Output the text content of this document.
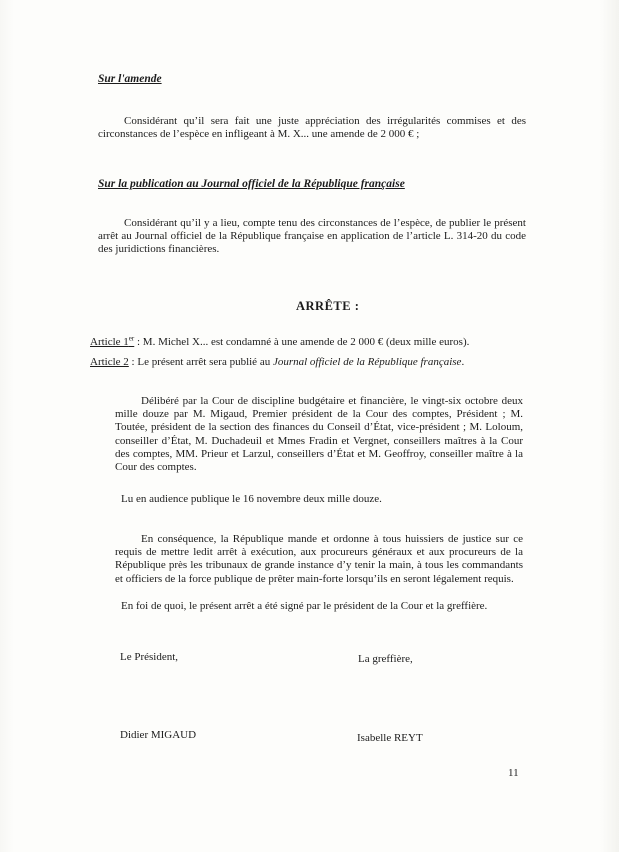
Sur l'amende
Considérant qu’il sera fait une juste appréciation des irrégularités commises et des circonstances de l’espèce en infligeant à M. X... une amende de 2 000 € ;
Sur la publication au Journal officiel de la République française
Considérant qu’il y a lieu, compte tenu des circonstances de l’espèce, de publier le présent arrêt au Journal officiel de la République française en application de l’article L. 314-20 du code des juridictions financières.
ARRÊTE :
Article 1er : M. Michel X... est condamné à une amende de 2 000 € (deux mille euros).
Article 2 : Le présent arrêt sera publié au Journal officiel de la République française.
Délibéré par la Cour de discipline budgétaire et financière, le vingt-six octobre deux mille douze par M. Migaud, Premier président de la Cour des comptes, Président ; M. Toutée, président de la section des finances du Conseil d’État, vice-président ; M. Loloum, conseiller d’État, M. Duchadeuil et Mmes Fradin et Vergnet, conseillers maîtres à la Cour des comptes, MM. Prieur et Larzul, conseillers d’État et M. Geoffroy, conseiller maître à la Cour des comptes.
Lu en audience publique le 16 novembre deux mille douze.
En conséquence, la République mande et ordonne à tous huissiers de justice sur ce requis de mettre ledit arrêt à exécution, aux procureurs généraux et aux procureurs de la République près les tribunaux de grande instance d’y tenir la main, à tous les commandants et officiers de la force publique de prêter main-forte lorsqu’ils en seront légalement requis.
En foi de quoi, le présent arrêt a été signé par le président de la Cour et la greffière.
Le Président,	La greffière,
Didier MIGAUD	Isabelle REYT
11
